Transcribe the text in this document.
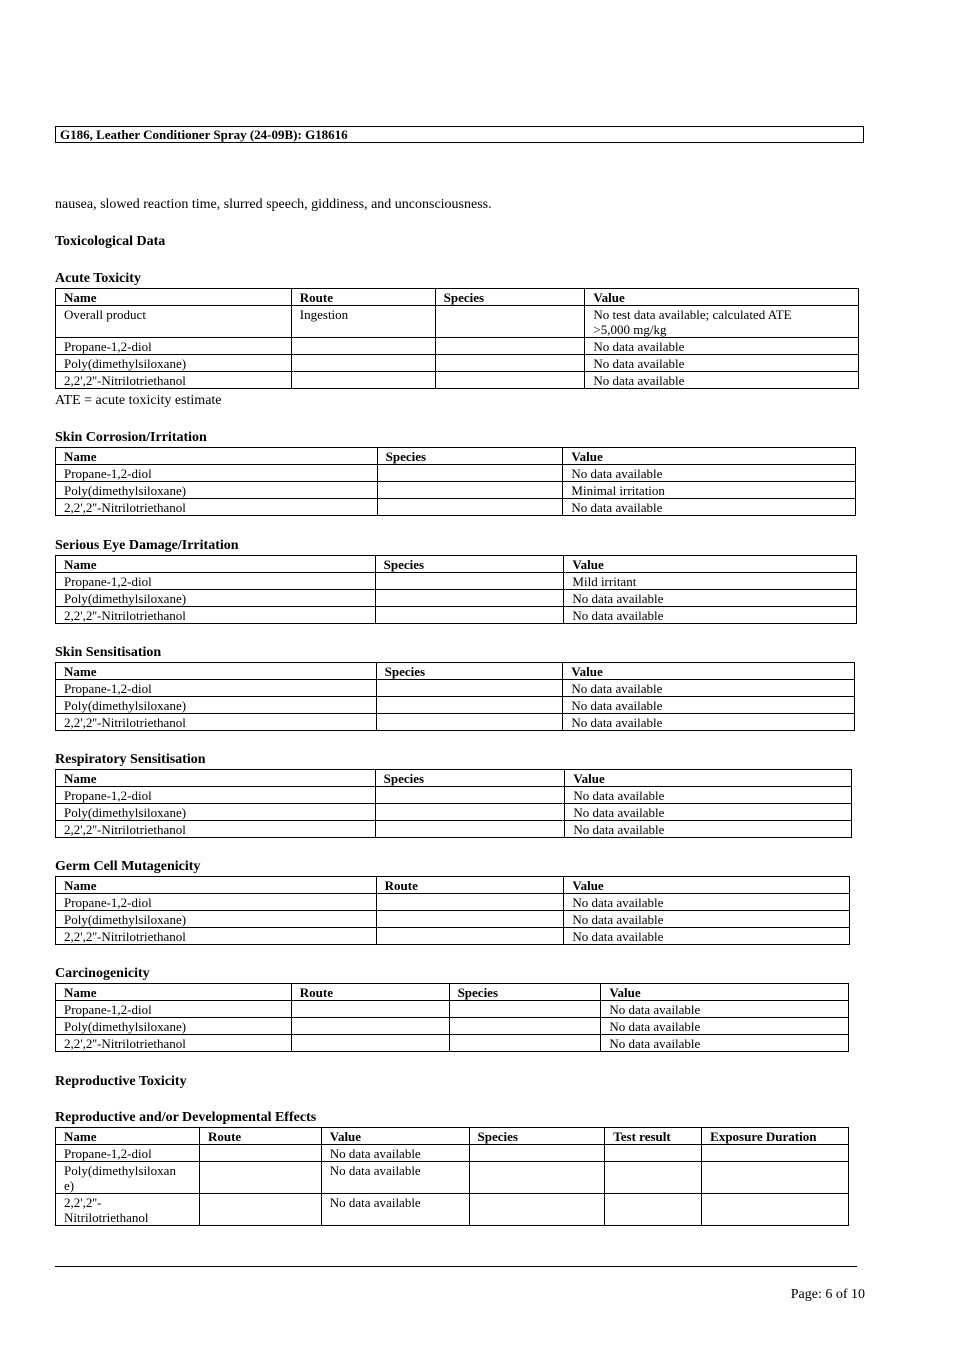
G186, Leather Conditioner Spray (24-09B): G18616
nausea, slowed reaction time, slurred speech, giddiness, and unconsciousness.
Toxicological Data
Acute Toxicity
Name	Route	Species	Value
Overall product	Ingestion		No test data available; calculated ATE
>5,000 mg/kg

Propane-1,2-diol			No data available
Poly(dimethylsiloxane)			No data available
2,2',2''-Nitrilotriethanol			No data available
ATE = acute toxicity estimate
Skin Corrosion/Irritation
Name	Species	Value
Propane-1,2-diol		No data available
Poly(dimethylsiloxane)		Minimal irritation
2,2',2''-Nitrilotriethanol		No data available
Serious Eye Damage/Irritation
Name	Species	Value
Propane-1,2-diol		Mild irritant
Poly(dimethylsiloxane)		No data available
2,2',2''-Nitrilotriethanol		No data available
Skin Sensitisation
Name	Species	Value
Propane-1,2-diol		No data available
Poly(dimethylsiloxane)		No data available
2,2',2''-Nitrilotriethanol		No data available
Respiratory Sensitisation
Name	Species	Value
Propane-1,2-diol		No data available
Poly(dimethylsiloxane)		No data available
2,2',2''-Nitrilotriethanol		No data available
Germ Cell Mutagenicity
Name	Route	Value
Propane-1,2-diol		No data available
Poly(dimethylsiloxane)		No data available
2,2',2''-Nitrilotriethanol		No data available
Carcinogenicity
Name	Route	Species	Value
Propane-1,2-diol			No data available
Poly(dimethylsiloxane)			No data available
2,2',2''-Nitrilotriethanol			No data available
Reproductive Toxicity
Reproductive and/or Developmental Effects
Name	Route	Value	Species	Test result	Exposure Duration
Propane-1,2-diol		No data available			

Poly(dimethylsiloxan
e)		No data available			

2,2',2''-
Nitrilotriethanol		No data available			
Page: 6 of 10
